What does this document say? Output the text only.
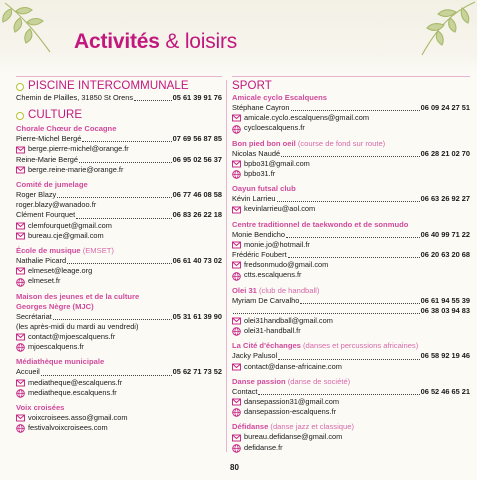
Activités & loisirs
PISCINE INTERCOMMUNALE
Chemin de Plailles, 31850 St Orens	05 61 39 91 76
CULTURE
Chorale Chœur de Cocagne
Pierre-Michel Bergé	07 69 56 87 85
berge.pierre-michel@orange.fr
Reine-Marie Bergé	06 95 02 56 37
berge.reine-marie@orange.fr
Comité de jumelage
Roger Blazy	06 77 46 08 58
roger.blazy@wanadoo.fr
Clément Fourquet	06 83 26 22 18
clemfourquet@gmail.com
bureau.cje@gmail.com
École de musique (EMSET)
Nathalie Picard	06 61 40 73 02
elmeset@leage.org
elmeset.fr
Maison des jeunes et de la culture
Georges Nègre (MJC)
Secrétariat	05 31 61 39 90
(les après-midi du mardi au vendredi)
contact@mjoescalquens.fr
mjoescalquens.fr
Médiathèque municipale
Accueil	05 62 71 73 52
mediatheque@escalquens.fr
mediatheque.escalquens.fr
Voix croisées
voixcroisees.asso@gmail.com
festivalvoixcroisees.com
SPORT
Amicale cyclo Escalquens
Stéphane Cayron	06 09 24 27 51
amicale.cyclo.escalquens@gmail.com
cycloescalquens.fr
Bon pied bon oeil (course de fond sur route)
Nicolas Naudé	06 28 21 02 70
bpbo31@gmail.com
bpbo31.fr
Oayun futsal club
Kévin Larrieu	06 63 26 92 27
kevinlarrieu@aol.com
Centre traditionnel de taekwondo et de sonmudo
Monie Bendicho	06 40 99 71 22
monie.jo@hotmail.fr
Frédéric Foubert	06 20 63 20 68
fredsonmudo@gmail.com
ctts.escalquens.fr
Olei 31 (club de handball)
Myriam De Carvalho	06 61 94 55 39
06 38 03 94 83
olei31handball@gmail.com
olei31-handball.fr
La Cité d'échanges (danses et percussions africaines)
Jacky Palusol	06 58 92 19 46
contact@danse-africaine.com
Danse passion (danse de société)
Contact	06 52 46 65 21
dansepassion31@gmail.com
dansepassion-escalquens.fr
Défidanse (danse jazz et classique)
bureau.defidanse@gmail.com
defidanse.fr
80
